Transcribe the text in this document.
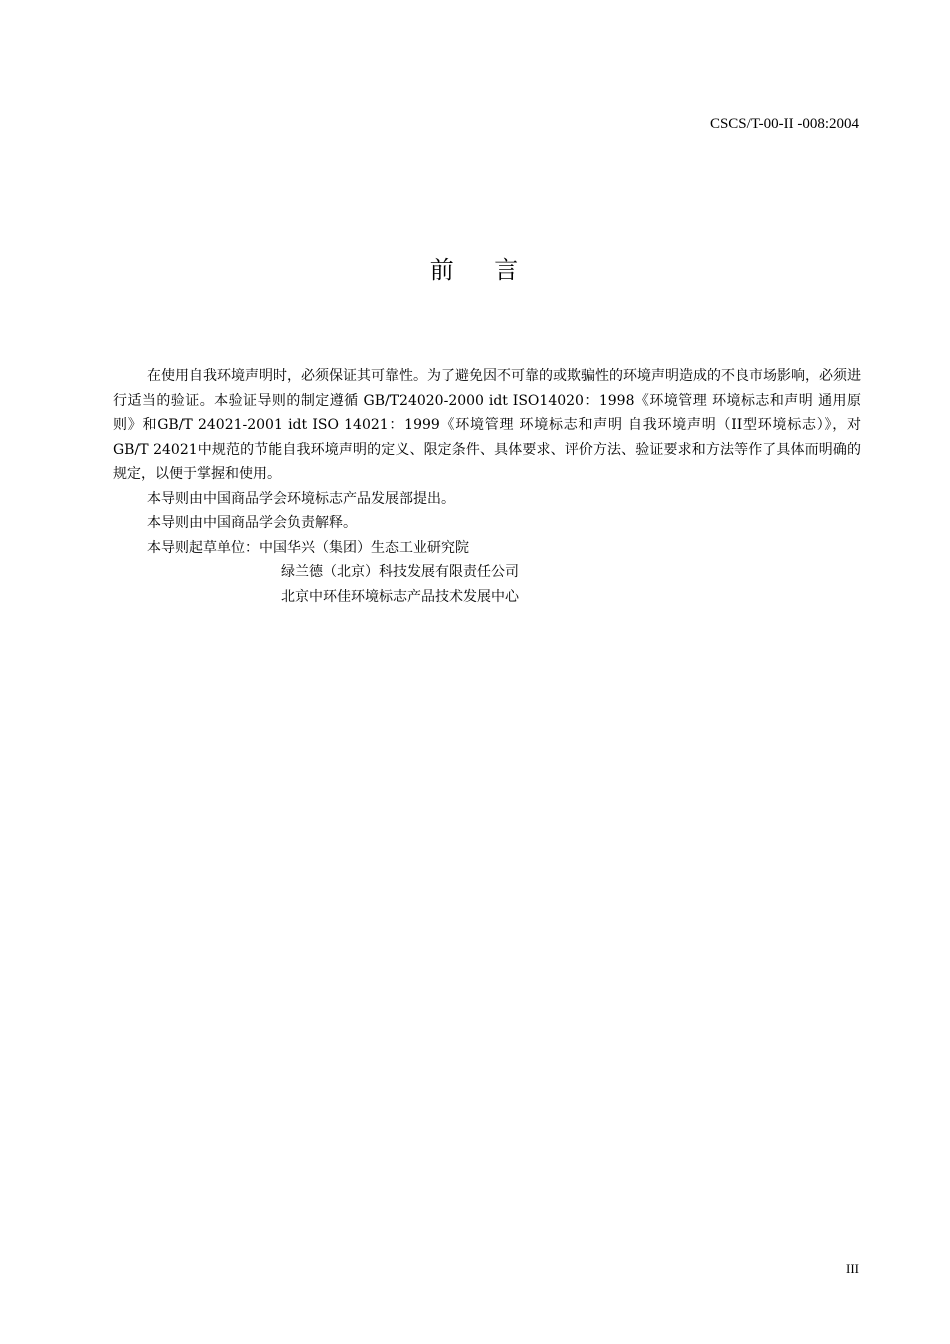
CSCS/T-00-II -008:2004
前    言

在使用自我环境声明时，必须保证其可靠性。为了避免因不可靠的或欺骗性的环境声明造成的不良市场影响，必须进行适当的验证。本验证导则的制定遵循 GB/T24020-2000 idt ISO14020：1998《环境管理 环境标志和声明 通用原则》和GB/T 24021-2001 idt ISO 14021：1999《环境管理 环境标志和声明 自我环境声明（II型环境标志）》，对GB/T 24021中规范的节能自我环境声明的定义、限定条件、具体要求、评价方法、验证要求和方法等作了具体而明确的规定，以便于掌握和使用。

本导则由中国商品学会环境标志产品发展部提出。

本导则由中国商品学会负责解释。

本导则起草单位：中国华兴（集团）生态工业研究院

绿兰德（北京）科技发展有限责任公司

北京中环佳环境标志产品技术发展中心

III
